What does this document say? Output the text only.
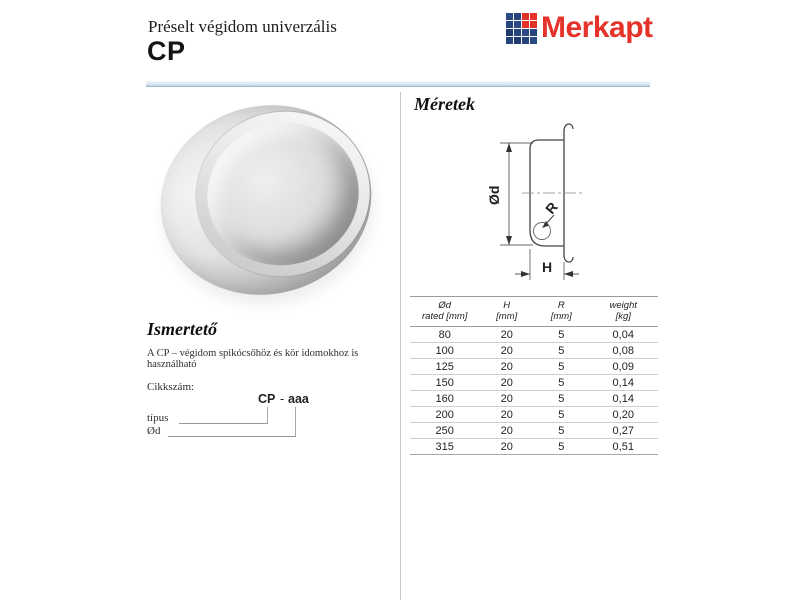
Préselt végidom univerzális
CP
Merkapt
Ismertető
A CP – végidom spikócsőhöz és kör idomokhoz is használható
Cikkszám:
CP - aaa
típus
Ød
Méretek
Ød
R
H
Ød
rated [mm]

H
[mm]

R
[mm]

weight
[kg]

80	20	5	0,04
100	20	5	0,08
125	20	5	0,09
150	20	5	0,14
160	20	5	0,14
200	20	5	0,20
250	20	5	0,27
315	20	5	0,51
